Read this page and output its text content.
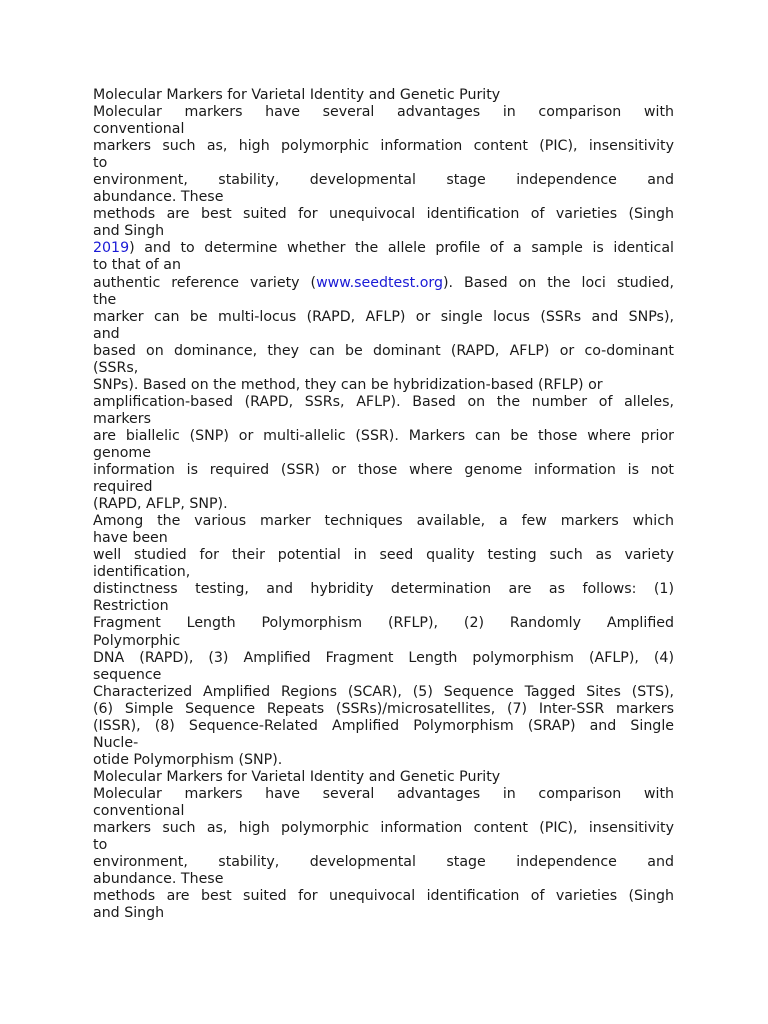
Molecular Markers for Varietal Identity and Genetic Purity
Molecular markers have several advantages in comparison with
conventional
markers such as, high polymorphic information content (PIC), insensitivity
to
environment, stability, developmental stage independence and
abundance. These
methods are best suited for unequivocal identification of varieties (Singh
and Singh
2019) and to determine whether the allele profile of a sample is identical
to that of an
authentic reference variety (www.seedtest.org). Based on the loci studied,
the
marker can be multi-locus (RAPD, AFLP) or single locus (SSRs and SNPs),
and
based on dominance, they can be dominant (RAPD, AFLP) or co-dominant
(SSRs,
SNPs). Based on the method, they can be hybridization-based (RFLP) or
amplification-based (RAPD, SSRs, AFLP). Based on the number of alleles,
markers
are biallelic (SNP) or multi-allelic (SSR). Markers can be those where prior
genome
information is required (SSR) or those where genome information is not
required
(RAPD, AFLP, SNP).
Among the various marker techniques available, a few markers which
have been
well studied for their potential in seed quality testing such as variety
identification,
distinctness testing, and hybridity determination are as follows: (1)
Restriction
Fragment Length Polymorphism (RFLP), (2) Randomly Amplified
Polymorphic
DNA (RAPD), (3) Amplified Fragment Length polymorphism (AFLP), (4)
sequence
Characterized Amplified Regions (SCAR), (5) Sequence Tagged Sites (STS),
(6) Simple Sequence Repeats (SSRs)/microsatellites, (7) Inter-SSR markers
(ISSR), (8) Sequence-Related Amplified Polymorphism (SRAP) and Single
Nucle-
otide Polymorphism (SNP).
Molecular Markers for Varietal Identity and Genetic Purity
Molecular markers have several advantages in comparison with
conventional
markers such as, high polymorphic information content (PIC), insensitivity
to
environment, stability, developmental stage independence and
abundance. These
methods are best suited for unequivocal identification of varieties (Singh
and Singh
